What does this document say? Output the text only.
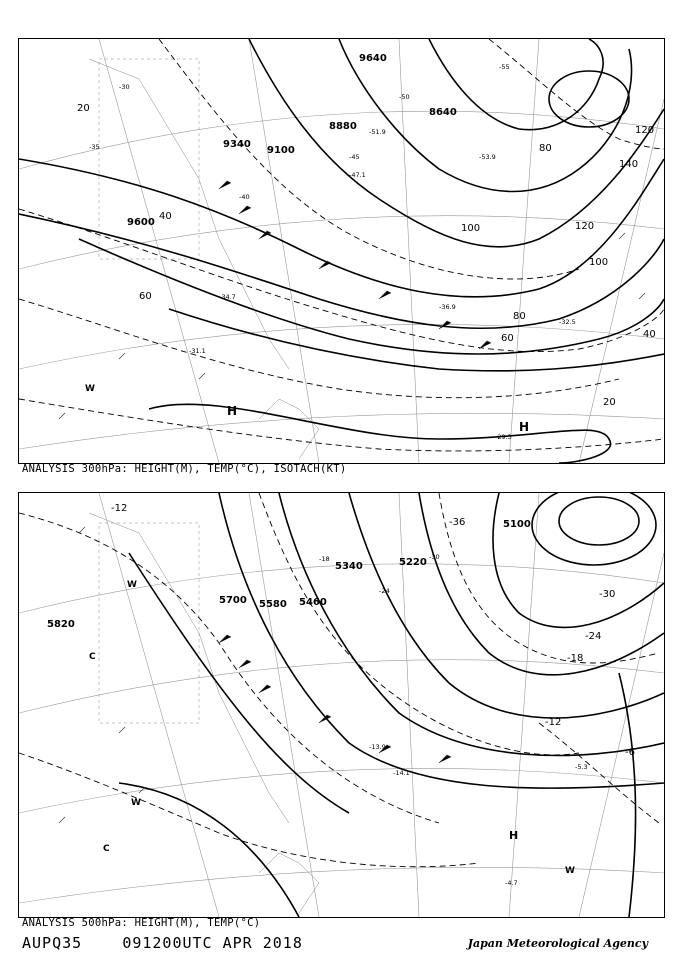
9640
8640
8880
9100
9340
9600
20
40
60
80
100	120
140
120
100
80
60
40
20
-30
-35
-40
-45
-50
-55
-47.1
-51.9
-53.9
-34.7
-36.9
-32.5
-29.3
-31.1
H
H
W
ANALYSIS 300hPa: HEIGHT(M), TEMP(°C), ISOTACH(KT)
5100
5220
5340
5460
5580
5700
5820
-12
-18
-24
-30
-36
-6
-12
-18
-24
-30
-4.7
-5.3
-13.9
-14.1
H
W
W
C
C
W
ANALYSIS 500hPa: HEIGHT(M), TEMP(°C)
AUPQ35	091200UTC APR 2018	Japan Meteorological Agency
